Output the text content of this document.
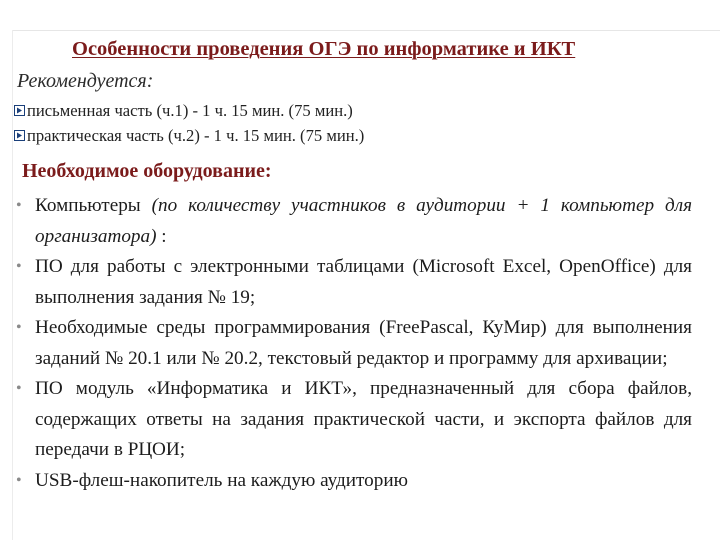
Особенности проведения ОГЭ по информатике и ИКТ
Рекомендуется:
письменная часть (ч.1) - 1 ч. 15 мин. (75 мин.)
практическая часть (ч.2) - 1 ч. 15 мин. (75 мин.)
Необходимое оборудование:
• Компьютеры (по количеству участников в аудитории + 1 компьютер для организатора) :
• ПО для работы с электронными таблицами (Microsoft Excel, OpenOffice) для выполнения задания № 19;
• Необходимые среды программирования (FreePascal, КуМир) для выполнения заданий № 20.1 или № 20.2, текстовый редактор и программу для архивации;
• ПО модуль «Информатика и ИКТ», предназначенный для сбора файлов, содержащих ответы на задания практической части, и экспорта файлов для передачи в РЦОИ;
• USB-флеш-накопитель на каждую аудиторию
